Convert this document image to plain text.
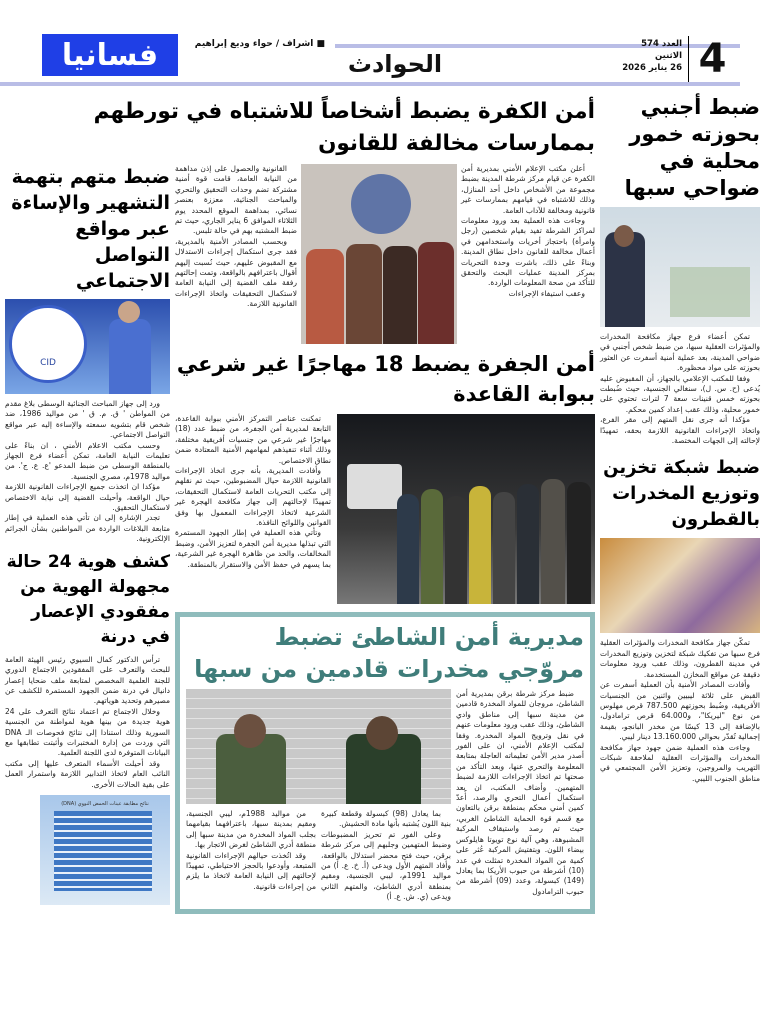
فسانيا	■ اشراف / حواء وديع إبراهيم
الحوادث	4
العدد 574
الاثنين
26 يناير 2026
ضبط أجنبي بحوزته خمور محلية في ضواحي سبها

تمكن أعضاء فرع جهاز مكافحة المخدرات والمؤثرات العقلية سبها، من ضبط شخص أجنبي في ضواحي المدينة، بعد عملية أمنية أسفرت عن العثور بحوزته على مواد محظورة.

وفقا للمكتب الإعلامي بالجهاز، أن المقبوض عليه يُدعى (ح. س. ل)، سنغالي الجنسية، حيث ضُبطت بحوزته خمس قنينات سعة 7 لترات تحتوي على خمور محلية، وذلك عقب إعداد كمين محكم.

مؤكدا أنه جرى نقل المتهم إلى مقر الفرع، واتخاذ الإجراءات القانونية اللازمة بحقه، تمهيدًا لإحالته إلى الجهات المختصة.

ضبط شبكة تخزين وتوزيع المخدرات بالقطرون

تمكّن جهاز مكافحة المخدرات والمؤثرات العقلية فرع سبها من تفكيك شبكة لتخزين وتوزيع المخدرات في مدينة القطرون، وذلك عقب ورود معلومات دقيقة عن مواقع المخازن المستخدمة.

وأفادت المصادر الأمنية بأن العملية أسفرت عن القبض على ثلاثة ليبيين واثنين من الجنسيات الأفريقية، وضُبط بحوزتهم 787.500 قرص مهلوس من نوع "ليريكا"، و64.000 قرص ترامادول، بالإضافة إلى 13 كيسًا من مخدر البانجو، بقيمة إجمالية تُقدّر بحوالي 13.160.000 دينار ليبي.

وجاءت هذه العملية ضمن جهود جهاز مكافحة المخدرات والمؤثرات العقلية لملاحقة شبكات التهريب والمروجين، وتعزيز الأمن المجتمعي في مناطق الجنوب الليبي.

أمن الكفرة يضبط أشخاصاً للاشتباه في تورطهم بممارسات مخالفة للقانون

أعلن مكتب الإعلام الأمني بمديرية أمن الكفرة عن قيام مركز شرطة المدينة بضبط مجموعة من الأشخاص داخل أحد المنازل، وذلك للاشتباه في قيامهم بممارسات غير قانونية ومخالفة للآداب العامة.

وجاءت هذه العملية بعد ورود معلومات لمراكز الشرطة تفيد بقيام شخصين (رجل وامرأة) باحتجاز أخريات واستخدامهن في أعمال مخالفة للقانون داخل نطاق المدينة. وبناءً على ذلك، باشرت وحدة التحريات بمركز المدينة عمليات البحث والتحقق للتأكد من صحة المعلومات الواردة.

وعقب استيفاء الإجراءات

القانونية والحصول على إذن مداهمة من النيابة العامة، قامت قوة أمنية مشتركة تضم وحدات التحقيق والتحري والمباحث الجنائية، معززة بعنصر نسائي، بمداهمة الموقع المحدد يوم الثلاثاء الموافق 6 يناير الجاري، حيث تم ضبط المشتبه بهم في حالة تلبس.

وبحسب المصادر الأمنية بالمديرية، فقد جرى استكمال إجراءات الاستدلال مع المقبوض عليهم، حيث نُسبت إليهم أقوال باعترافهم بالواقعة، وتمت إحالتهم رفقة ملف القضية إلى النيابة العامة لاستكمال التحقيقات واتخاذ الإجراءات القانونية اللازمة.

أمن الجفرة يضبط 18 مهاجرًا غير شرعي ببوابة القاعدة

تمكنت عناصر التمركز الأمني ببوابة القاعدة، التابعة لمديرية أمن الجفرة، من ضبط عدد (18) مهاجرًا غير شرعي من جنسيات أفريقية مختلفة، وذلك أثناء تنفيذهم لمهامهم الأمنية المعتادة ضمن نطاق الاختصاص.

وأفادت المديرية، بأنه جرى اتخاذ الإجراءات القانونية اللازمة حيال المضبوطين، حيث تم نقلهم إلى مكتب التحريات العامة لاستكمال التحقيقات، تمهيدًا لإحالتهم إلى جهاز مكافحة الهجرة غير الشرعية لاتخاذ الإجراءات المعمول بها وفق القوانين واللوائح النافذة.

وتأتي هذه العملية في إطار الجهود المستمرة التي تبذلها مديرية أمن الجفرة لتعزيز الأمن، وضبط المخالفات، والحد من ظاهرة الهجرة غير الشرعية، بما يسهم في حفظ الأمن والاستقرار بالمنطقة.

مديرية أمن الشاطئ تضبط مروّجي مخدرات قادمين من سبها

ضبط مركز شرطة برقن بمديرية أمن الشاطئ، مروجان للمواد المخدرة قادمين من مدينة سبها إلى مناطق وادي الشاطئ، وذلك عقب ورود معلومات عنهم في نقل وترويج المواد المخدرة. وفقا لمكتب الإعلام الأمني، ان على الفور أصدر مدير الأمن تعليماته العاجلة بمتابعة المعلومة والتحري عنها، وبعد التأكد من صحتها تم اتخاذ الإجراءات اللازمة لضبط المتهمين. وأضاف المكتب، ان بعد استكمال أعمال التحري والرصد، أُعدّ كمين أمني محكم بمنطقة برقن بالتعاون مع قسم قوة الحماية الشاطئ الغربي، حيث تم رصد واستيقاف المركبة المشبوهة، وهي آلية نوع تويوتا هايلوكس بيضاء اللون. وبتفتيش المركبة عُثر على كمية من المواد المخدرة تمثلت في عدد (10) أشرطة من حبوب الأريكا بما يعادل (149) كبسولة، وعدد (09) أشرطة من حبوب الترامادول

بما يعادل (98) كبسولة وقطعة كبيرة بنية اللون يُشتبه بأنها مادة الحشيش.

وعلى الفور تم تحريز المضبوطات وضبط المتهمين وجلبهم إلى مركز شرطة برقن، حيث فتح محضر استدلال بالواقعة، وأفاد المتهم الأول ويدعى (أ. خ. ع. أ) من مواليد 1991م، ليبي الجنسية، ومقيم بمنطقة أدري الشاطئ، والمتهم الثاني ويدعى (ي. ش. ع. أ)

من مواليد 1988م، ليبي الجنسية، ومقيم بمدينة سبها، باعترافهما بقيامهما بجلب المواد المخدرة من مدينة سبها إلى منطقة أدري الشاطئ لغرض الاتجار بها.

وقد اتُخذت حيالهم الإجراءات القانونية المتبعة، وأودعوا بالحجز الاحتياطي، تمهيدًا لإحالتهم إلى النيابة العامة لاتخاذ ما يلزم من إجراءات قانونية.

ضبط متهم بتهمة التشهير والإساءة عبر مواقع التواصل الاجتماعي
CID

ورد إلى جهاز المباحث الجنائية الوسطى بلاغ مقدم من المواطن ' ق. م. ق ' من مواليد 1986، ضد شخص قام بتشويه سمعته والإساءة إليه عبر مواقع التواصل الاجتماعي.

وحسب مكتب الاعلام الأمني ، ان بناءً على تعليمات النيابة العامة، تمكن أعضاء فرع الجهاز بالمنطقة الوسطى من ضبط المدعو 'ع. ع. ج'. من مواليد 1978م، مصري الجنسية.

مؤكدا ان اتخذت جميع الإجراءات القانونية اللازمة حيال الواقعة، وأحيلت القضية إلى نيابة الاختصاص لاستكمال التحقيق.

تجدر الإشارة إلى ان تأتي هذه العملية في إطار متابعة البلاغات الواردة من المواطنين بشأن الجرائم الإلكترونية.

كشف هوية 24 حالة مجهولة الهوية من مفقودي الإعصار في درنة

ترأس الدكتور كمال السيوي رئيس الهيئة العامة للبحث والتعرف على المفقودين الاجتماع الدوري للجنة العلمية المخصص لمتابعة ملف ضحايا إعصار دانيال في درنة ضمن الجهود المستمرة للكشف عن مصيرهم وتحديد هوياتهم.

وخلال الاجتماع تم اعتماد نتائج التعرف على 24 هوية جديدة من بينها هوية لمواطنة من الجنسية السورية وذلك استنادا إلى نتائج فحوصات الـ DNA التي وردت من إدارة المختبرات وأثبتت تطابقها مع البيانات المتوفرة لدى اللجنة العلمية.

وقد أحيلت الأسماء المتعرف عليها إلى مكتب النائب العام لاتخاذ التدابير اللازمة واستمرار العمل على بقية الحالات الأخرى.

نتائج مطابقة عينات الحمض النووي (DNA)
